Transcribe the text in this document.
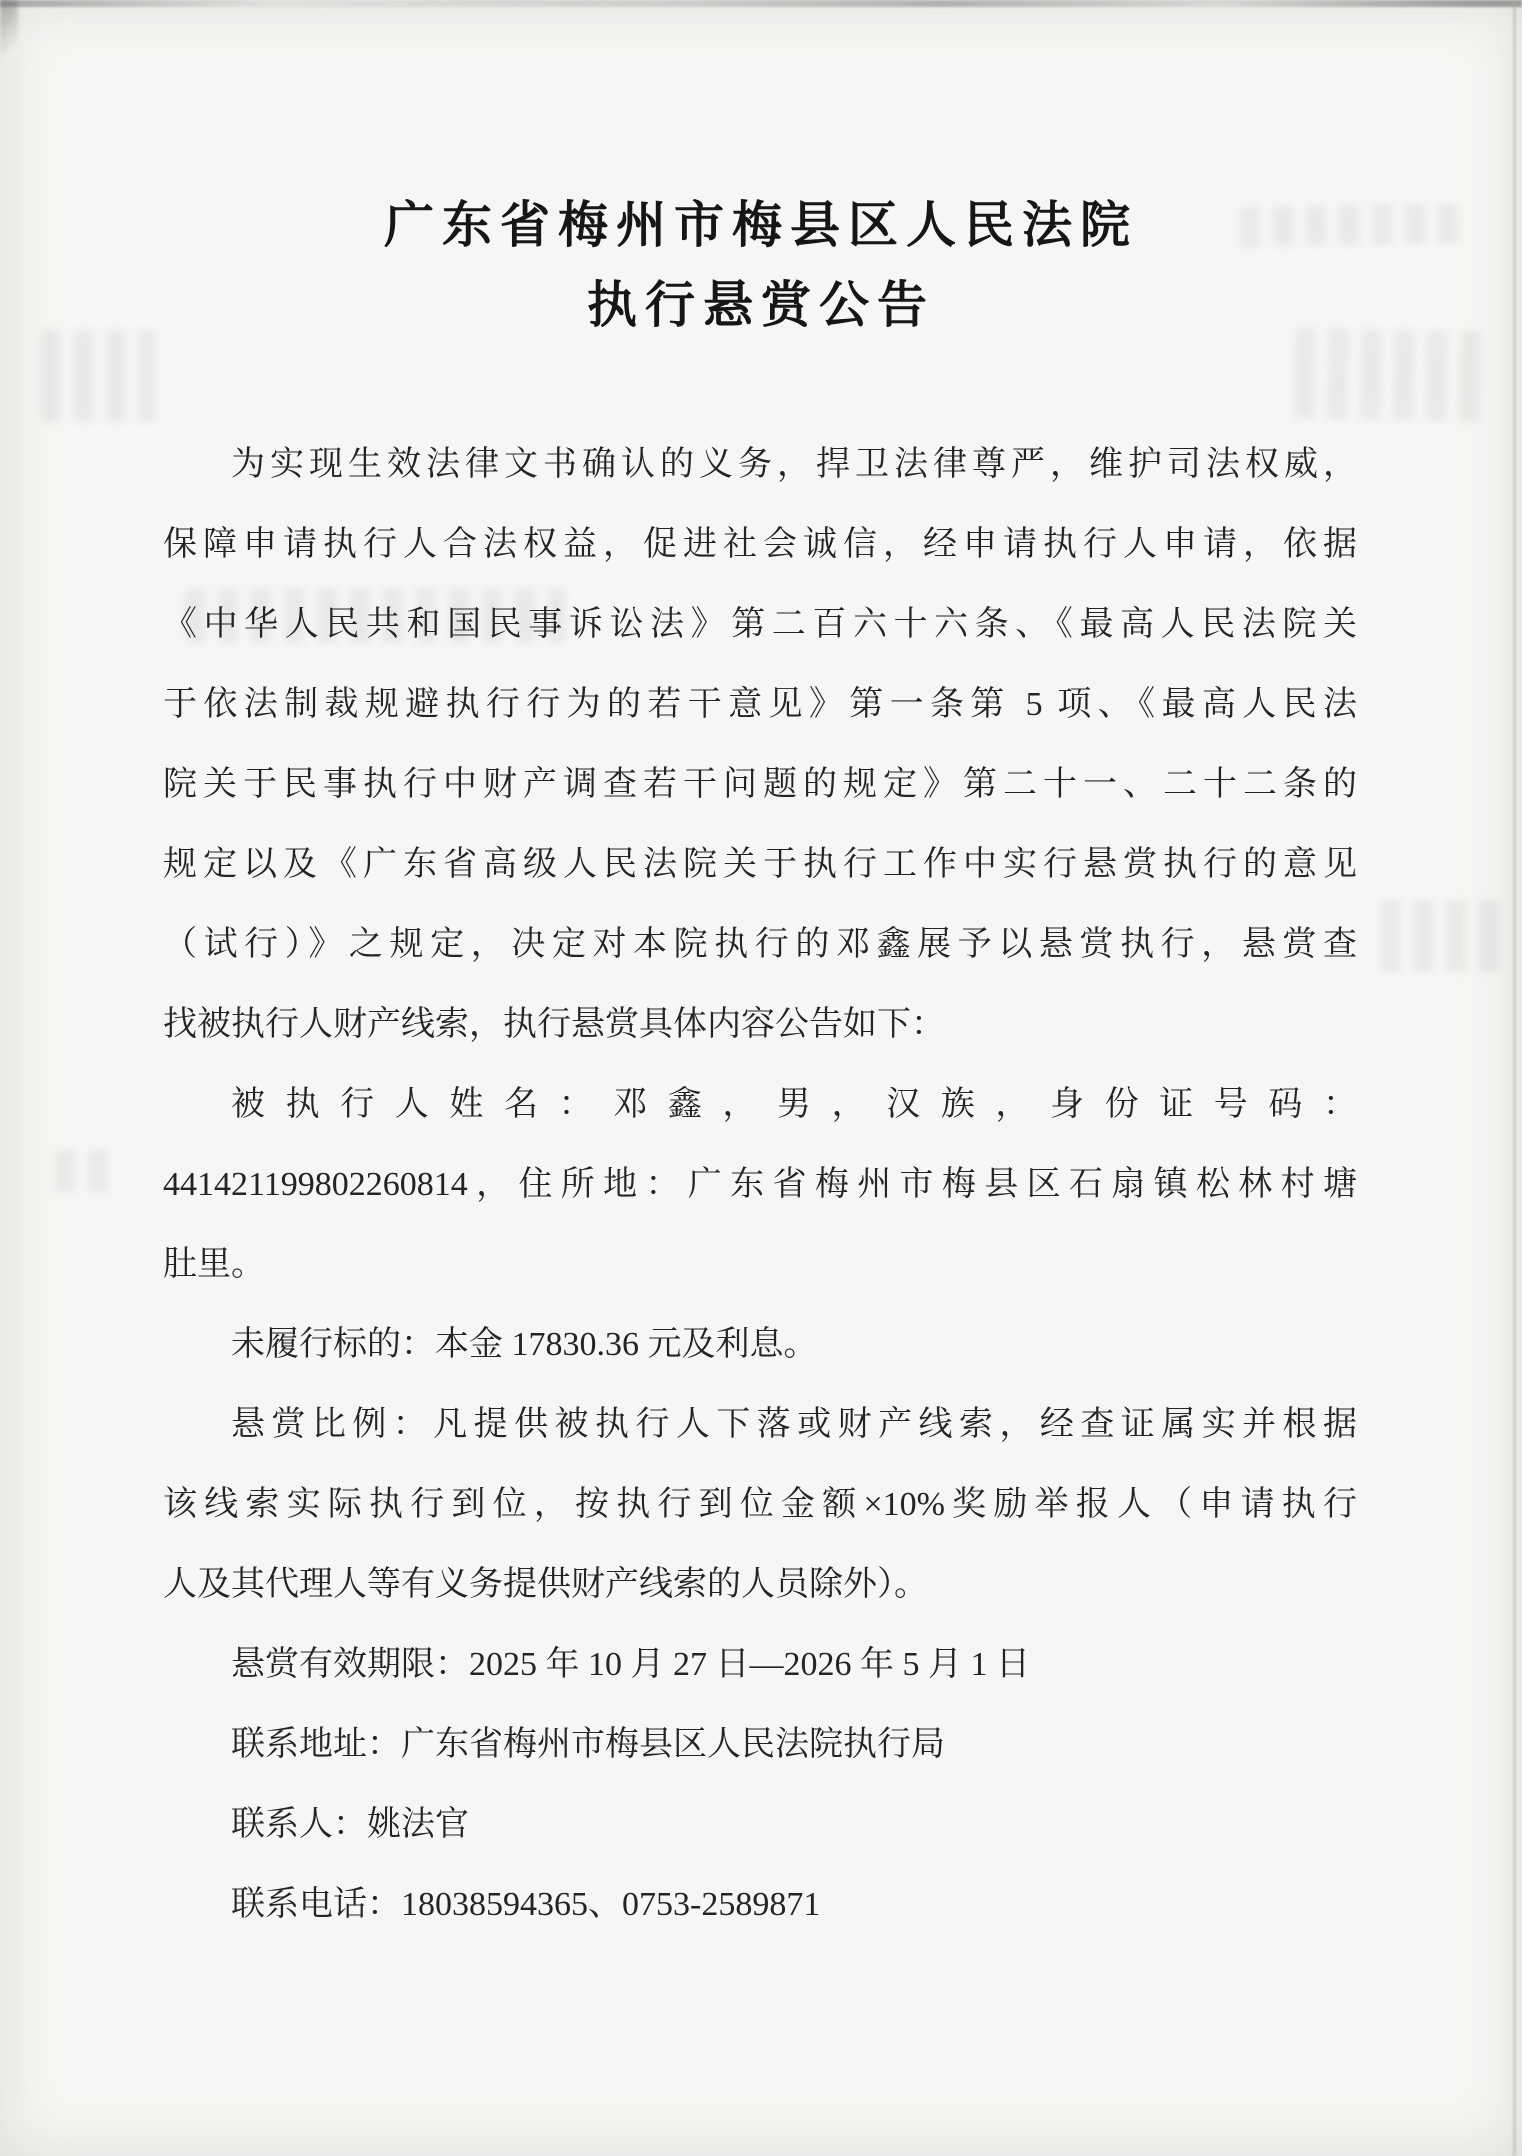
广东省梅州市梅县区人民法院
执行悬赏公告
为实现生效法律文书确认的义务，捍卫法律尊严，维护司法权威，
保障申请执行人合法权益，促进社会诚信，经申请执行人申请，依据
《中华人民共和国民事诉讼法》第二百六十六条、《最高人民法院关
于依法制裁规避执行行为的若干意见》第一条第 5 项、《最高人民法
院关于民事执行中财产调查若干问题的规定》第二十一、二十二条的
规定以及《广东省高级人民法院关于执行工作中实行悬赏执行的意见
（试行）》之规定，决定对本院执行的邓鑫展予以悬赏执行，悬赏查
找被执行人财产线索，执行悬赏具体内容公告如下：
被执行人姓名：邓鑫，男，汉族，身份证号码：
441421199802260814，住所地：广东省梅州市梅县区石扇镇松林村塘
肚里。
未履行标的：本金 17830.36 元及利息。
悬赏比例：凡提供被执行人下落或财产线索，经查证属实并根据
该线索实际执行到位，按执行到位金额×10%奖励举报人（申请执行
人及其代理人等有义务提供财产线索的人员除外）。
悬赏有效期限：2025 年 10 月 27 日—2026 年 5 月 1 日
联系地址：广东省梅州市梅县区人民法院执行局
联系人：姚法官
联系电话：18038594365、0753-2589871
